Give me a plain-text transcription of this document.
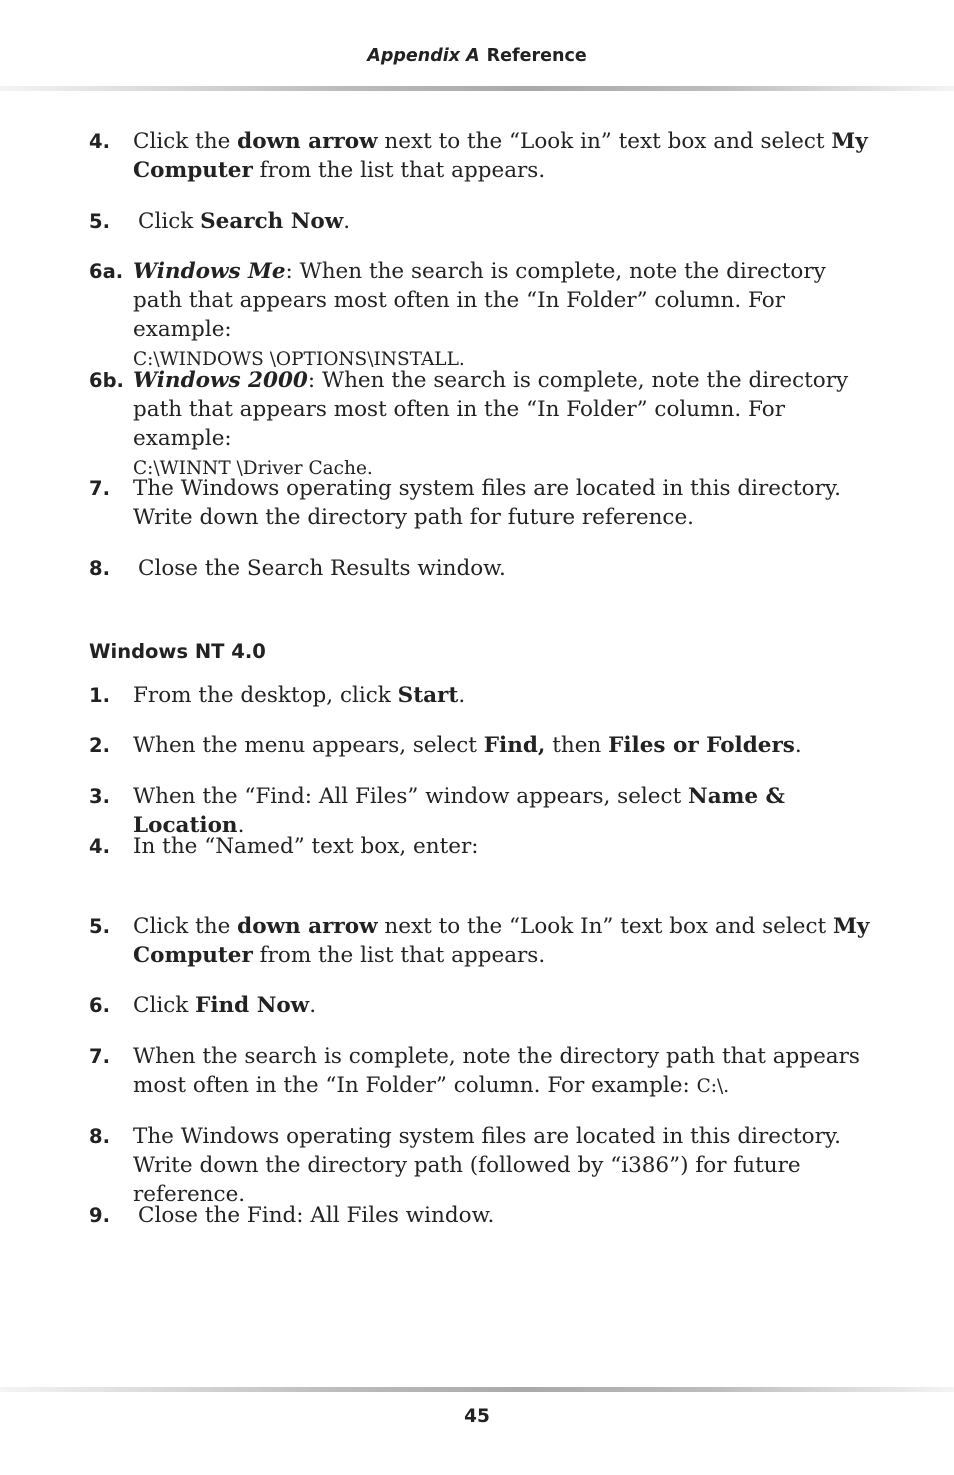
Appendix A Reference
4. Click the down arrow next to the “Look in” text box and select My Computer from the list that appears.
5. Click Search Now.
6a. Windows Me: When the search is complete, note the directory path that appears most often in the “In Folder” column. For example:
C:\WINDOWS \OPTIONS\INSTALL.
6b. Windows 2000: When the search is complete, note the directory path that appears most often in the “In Folder” column. For example:
C:\WINNT \Driver Cache.
7. The Windows operating system files are located in this directory. Write down the directory path for future reference.
8. Close the Search Results window.
Windows NT 4.0
1. From the desktop, click Start.
2. When the menu appears, select Find, then Files or Folders.
3. When the “Find: All Files” window appears, select Name & Location.
4. In the “Named” text box, enter:
5. Click the down arrow next to the “Look In” text box and select My Computer from the list that appears.
6. Click Find Now.
7. When the search is complete, note the directory path that appears most often in the “In Folder” column. For example: C:\.
8. The Windows operating system files are located in this directory. Write down the directory path (followed by “i386”) for future reference.
9. Close the Find: All Files window.
45
